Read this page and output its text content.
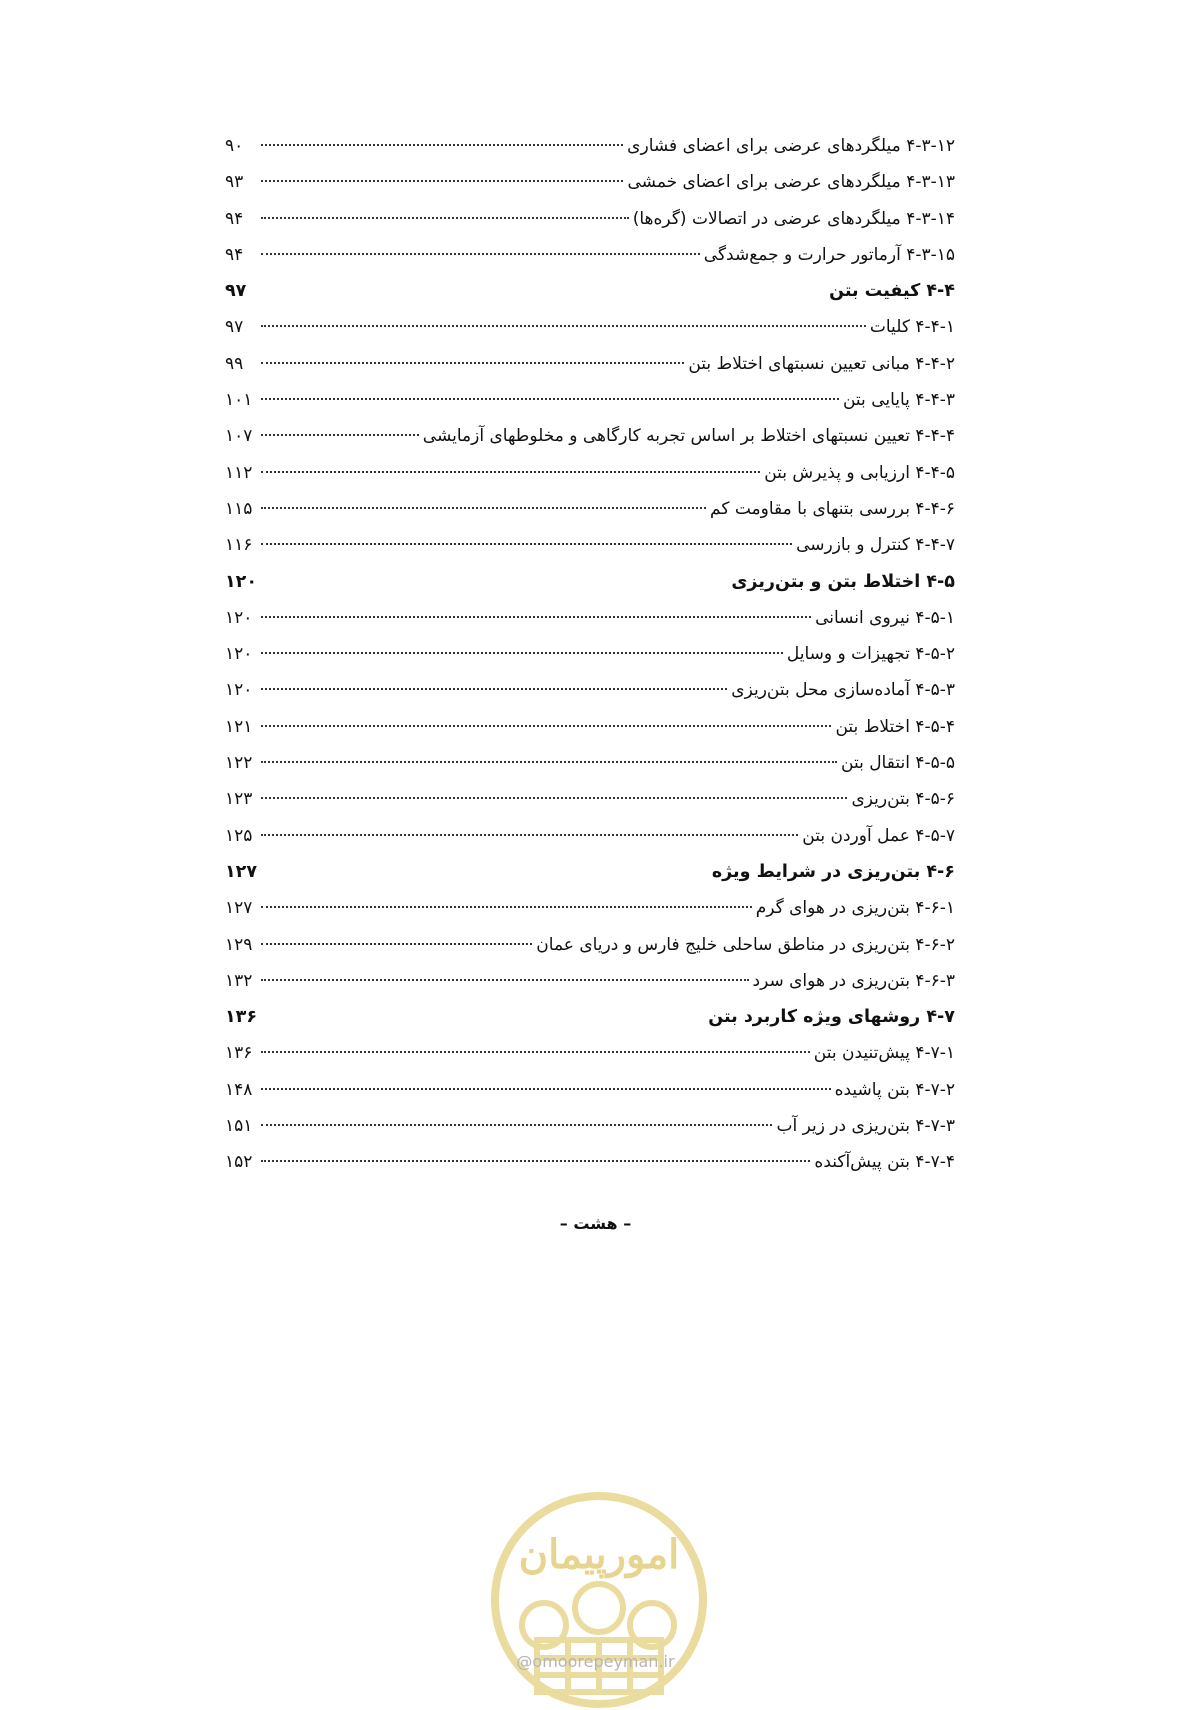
۴-۳-۱۲ میلگردهای عرضی برای اعضای فشاری
۹۰
۴-۳-۱۳ میلگردهای عرضی برای اعضای خمشی
۹۳
۴-۳-۱۴ میلگردهای عرضی در اتصالات (گره‌ها)
۹۴
۴-۳-۱۵ آرماتور حرارت و جمع‌شدگی
۹۴
۴-۴ کیفیت بتن
۹۷
۴-۴-۱ کلیات
۹۷
۴-۴-۲ مبانی تعیین نسبتهای اختلاط بتن
۹۹
۴-۴-۳ پایایی بتن
۱۰۱
۴-۴-۴ تعیین نسبتهای اختلاط بر اساس تجربه کارگاهی و مخلوطهای آزمایشی
۱۰۷
۴-۴-۵ ارزیابی و پذیرش بتن
۱۱۲
۴-۴-۶ بررسی بتنهای با مقاومت کم
۱۱۵
۴-۴-۷ کنترل و بازرسی
۱۱۶
۴-۵ اختلاط بتن و بتن‌ریزی
۱۲۰
۴-۵-۱ نیروی انسانی
۱۲۰
۴-۵-۲ تجهیزات و وسایل
۱۲۰
۴-۵-۳ آماده‌سازی محل بتن‌ریزی
۱۲۰
۴-۵-۴ اختلاط بتن
۱۲۱
۴-۵-۵ انتقال بتن
۱۲۲
۴-۵-۶ بتن‌ریزی
۱۲۳
۴-۵-۷ عمل آوردن بتن
۱۲۵
۴-۶ بتن‌ریزی در شرایط ویژه
۱۲۷
۴-۶-۱ بتن‌ریزی در هوای گرم
۱۲۷
۴-۶-۲ بتن‌ریزی در مناطق ساحلی خلیج فارس و دریای عمان
۱۲۹
۴-۶-۳ بتن‌ریزی در هوای سرد
۱۳۲
۴-۷ روشهای ویژه کاربرد بتن
۱۳۶
۴-۷-۱ پیش‌تنیدن بتن
۱۳۶
۴-۷-۲ بتن پاشیده
۱۴۸
۴-۷-۳ بتن‌ریزی در زیر آب
۱۵۱
۴-۷-۴ بتن پیش‌آکنده
۱۵۲
– هشت –
امورپیمان
@omoorepeyman.ir
